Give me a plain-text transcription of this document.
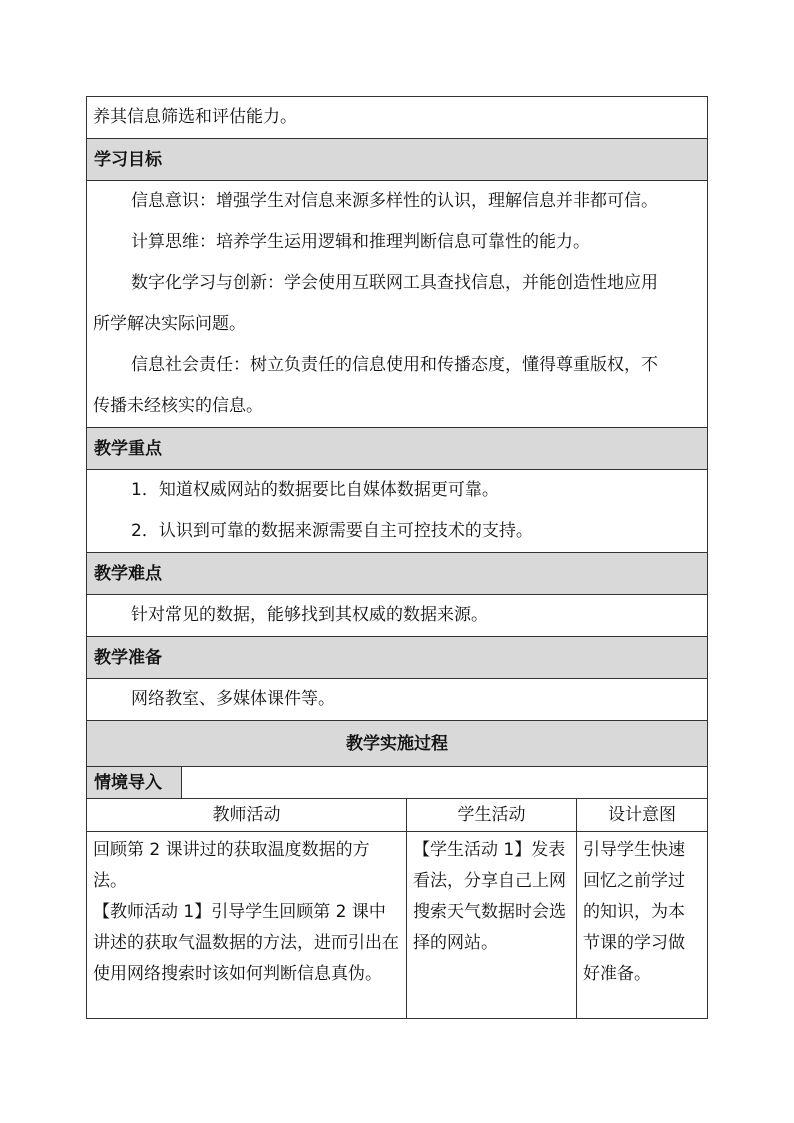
养其信息筛选和评估能力。
学习目标
信息意识：增强学生对信息来源多样性的认识，理解信息并非都可信。
计算思维：培养学生运用逻辑和推理判断信息可靠性的能力。
数字化学习与创新：学会使用互联网工具查找信息，并能创造性地应用
所学解决实际问题。
信息社会责任：树立负责任的信息使用和传播态度，懂得尊重版权，不
传播未经核实的信息。
教学重点
1．知道权威网站的数据要比自媒体数据更可靠。
2．认识到可靠的数据来源需要自主可控技术的支持。
教学难点
针对常见的数据，能够找到其权威的数据来源。
教学准备
网络教室、多媒体课件等。
教学实施过程
情境导入
教师活动	学生活动	设计意图

回顾第 2 课讲过的获取温度数据的方法。

【教师活动 1】引导学生回顾第 2 课中讲述的获取气温数据的方法，进而引出在使用网络搜索时该如何判断信息真伪。

【学生活动 1】发表看法，分享自己上网搜索天气数据时会选择的网站。

引导学生快速回忆之前学过的知识，为本节课的学习做好准备。
